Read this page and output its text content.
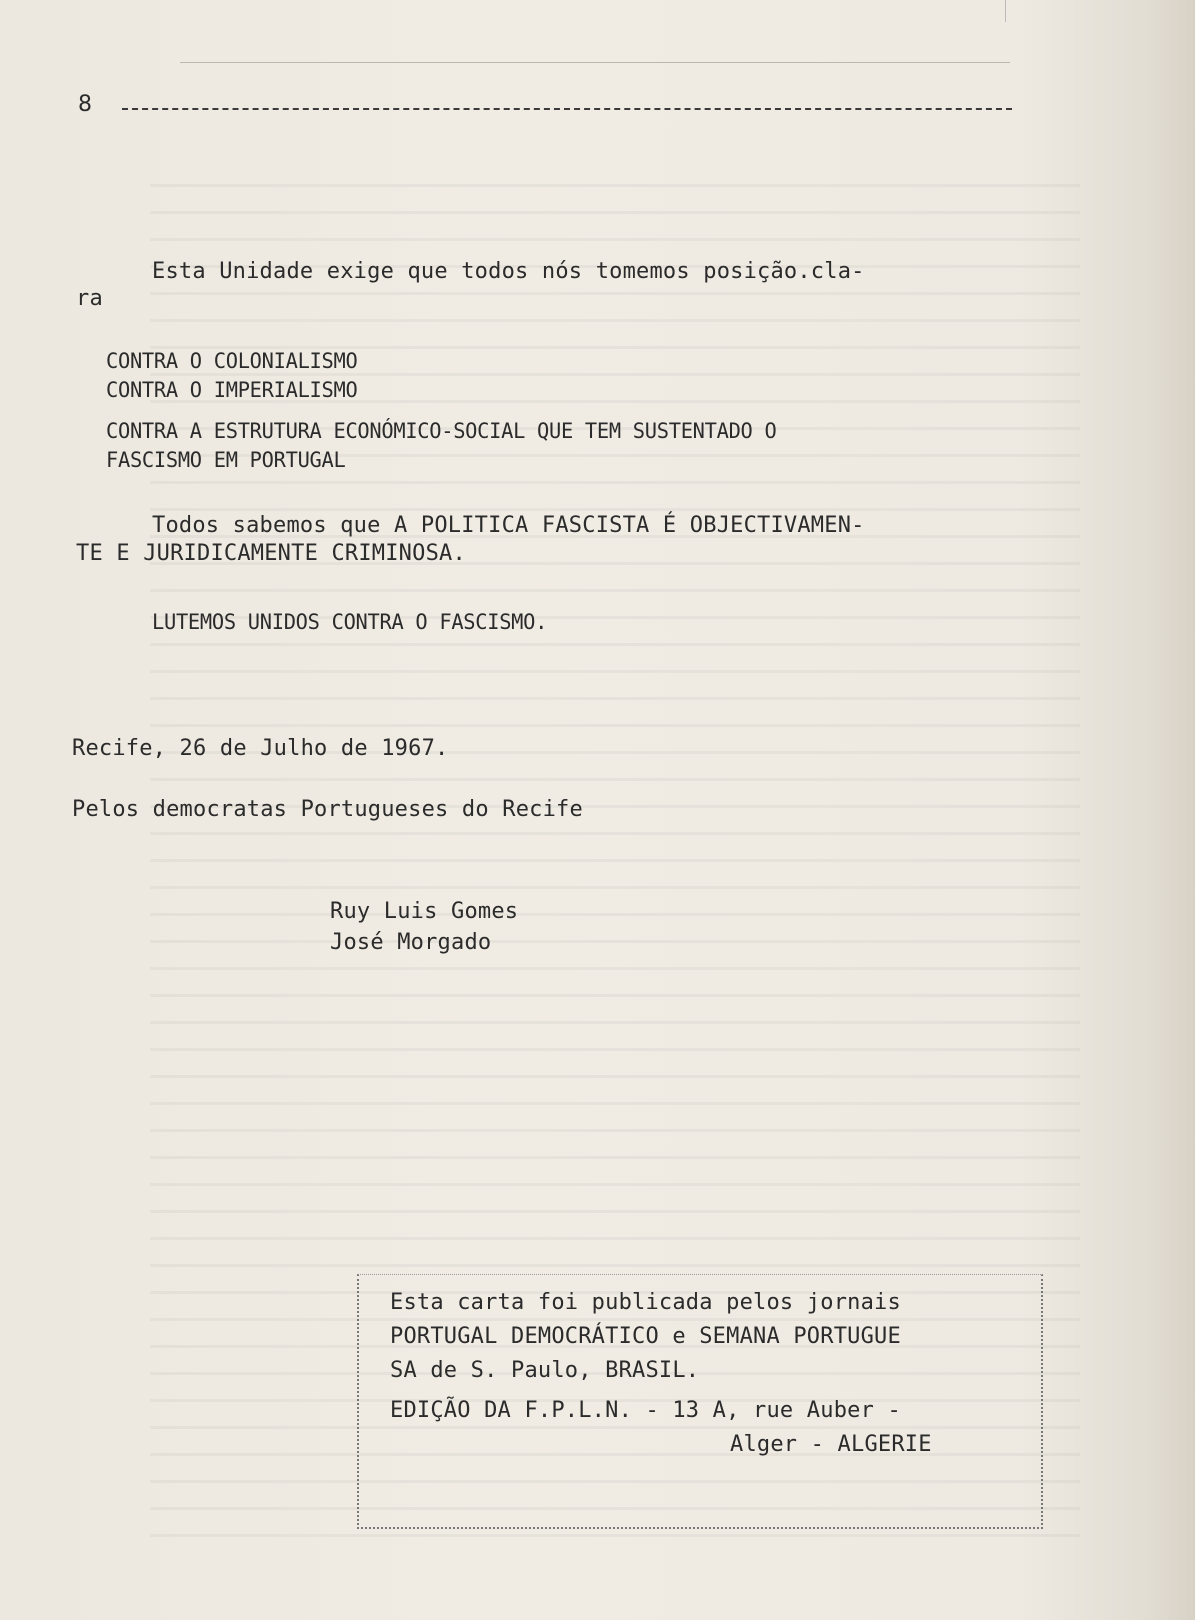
8
Esta Unidade exige que todos nós tomemos posição.cla-
ra
CONTRA O COLONIALISMO
CONTRA O IMPERIALISMO
CONTRA A ESTRUTURA ECONÓMICO-SOCIAL QUE TEM SUSTENTADO O
FASCISMO EM PORTUGAL
Todos sabemos que A POLITICA FASCISTA É OBJECTIVAMEN-
TE E JURIDICAMENTE CRIMINOSA.
LUTEMOS UNIDOS CONTRA O FASCISMO.
Recife, 26 de Julho de 1967.
Pelos democratas Portugueses do Recife
Ruy Luis Gomes
José Morgado
Esta carta foi publicada pelos jornais
PORTUGAL DEMOCRÁTICO e SEMANA PORTUGUE
SA de S. Paulo, BRASIL.
EDIÇÃO DA F.P.L.N. - 13 A, rue Auber -
Alger - ALGERIE
